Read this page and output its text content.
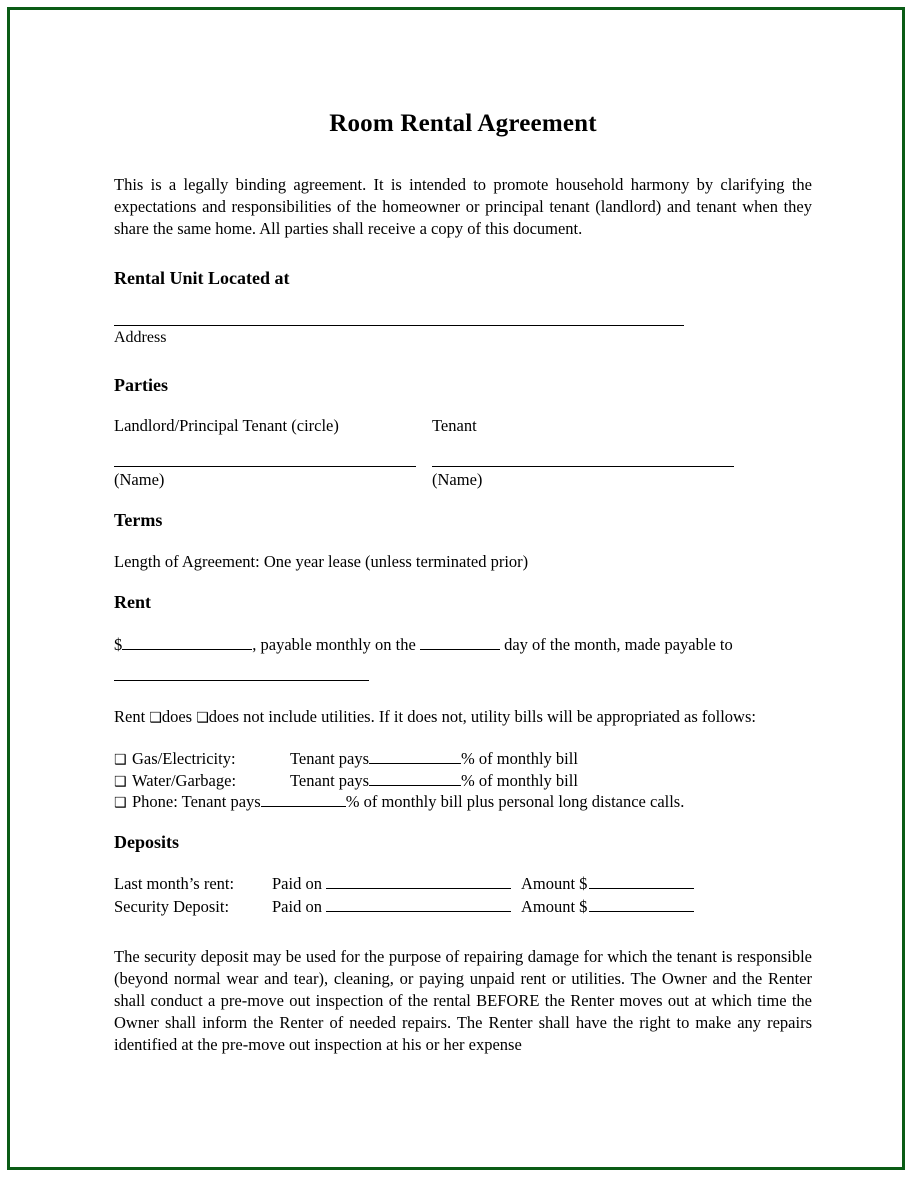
Room Rental Agreement

This is a legally binding agreement. It is intended to promote household harmony by clarifying the expectations and responsibilities of the homeowner or principal tenant (landlord) and tenant when they share the same home. All parties shall receive a copy of this document.

Rental Unit Located at
Address
Parties
Landlord/Principal Tenant (circle)	Tenant
(Name)	(Name)
Terms
Length of Agreement: One year lease (unless terminated prior)
Rent
$	, payable monthly on the	day of the month, made payable to
Rent ❑does ❑does not include utilities. If it does not, utility bills will be appropriated as follows:
❑ Gas/Electricity:	Tenant pays	% of monthly bill
❑ Water/Garbage:	Tenant pays	% of monthly bill
❑ Phone: Tenant pays	% of monthly bill plus personal long distance calls.
Deposits
Last month’s rent:	Paid on	Amount $
Security Deposit:	Paid on	Amount $

The security deposit may be used for the purpose of repairing damage for which the tenant is responsible (beyond normal wear and tear), cleaning, or paying unpaid rent or utilities. The Owner and the Renter shall conduct a pre-move out inspection of the rental BEFORE the Renter moves out at which time the Owner shall inform the Renter of needed repairs. The Renter shall have the right to make any repairs identified at the pre-move out inspection at his or her expense
